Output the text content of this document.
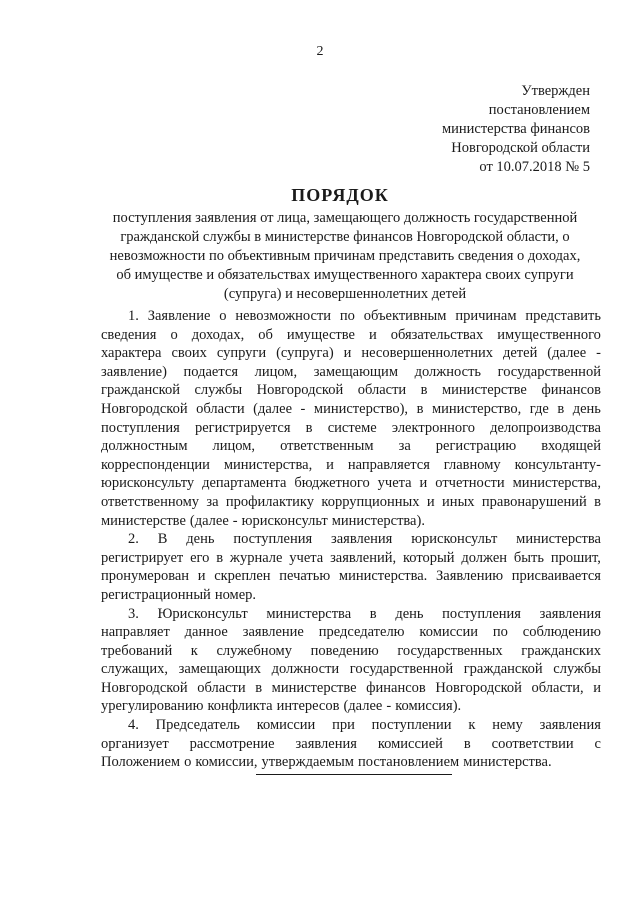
2
Утвержден
постановлением
министерства финансов
Новгородской области
от 10.07.2018 № 5
ПОРЯДОК
поступления заявления от лица, замещающего должность государственной
гражданской службы в министерстве финансов Новгородской области, о
невозможности по объективным причинам представить сведения о доходах,
об имуществе и обязательствах имущественного характера своих супруги
(супруга) и несовершеннолетних детей
1. Заявление о невозможности по объективным причинам представить
сведения о доходах, об имуществе и обязательствах имущественного
характера своих супруги (супруга) и несовершеннолетних детей (далее -
заявление) подается лицом, замещающим должность государственной
гражданской службы Новгородской области в министерстве финансов
Новгородской области (далее - министерство), в министерство, где в день
поступления регистрируется в системе электронного делопроизводства
должностным лицом, ответственным за регистрацию входящей
корреспонденции министерства, и направляется главному консультанту-
юрисконсульту департамента бюджетного учета и отчетности министерства,
ответственному за профилактику коррупционных и иных правонарушений в
министерстве (далее - юрисконсульт министерства).
2. В день поступления заявления юрисконсульт министерства
регистрирует его в журнале учета заявлений, который должен быть прошит,
пронумерован и скреплен печатью министерства. Заявлению присваивается
регистрационный номер.
3. Юрисконсульт министерства в день поступления заявления
направляет данное заявление председателю комиссии по соблюдению
требований к служебному поведению государственных гражданских
служащих, замещающих должности государственной гражданской службы
Новгородской области в министерстве финансов Новгородской области, и
урегулированию конфликта интересов (далее - комиссия).
4. Председатель комиссии при поступлении к нему заявления
организует рассмотрение заявления комиссией в соответствии с
Положением о комиссии, утверждаемым постановлением министерства.
